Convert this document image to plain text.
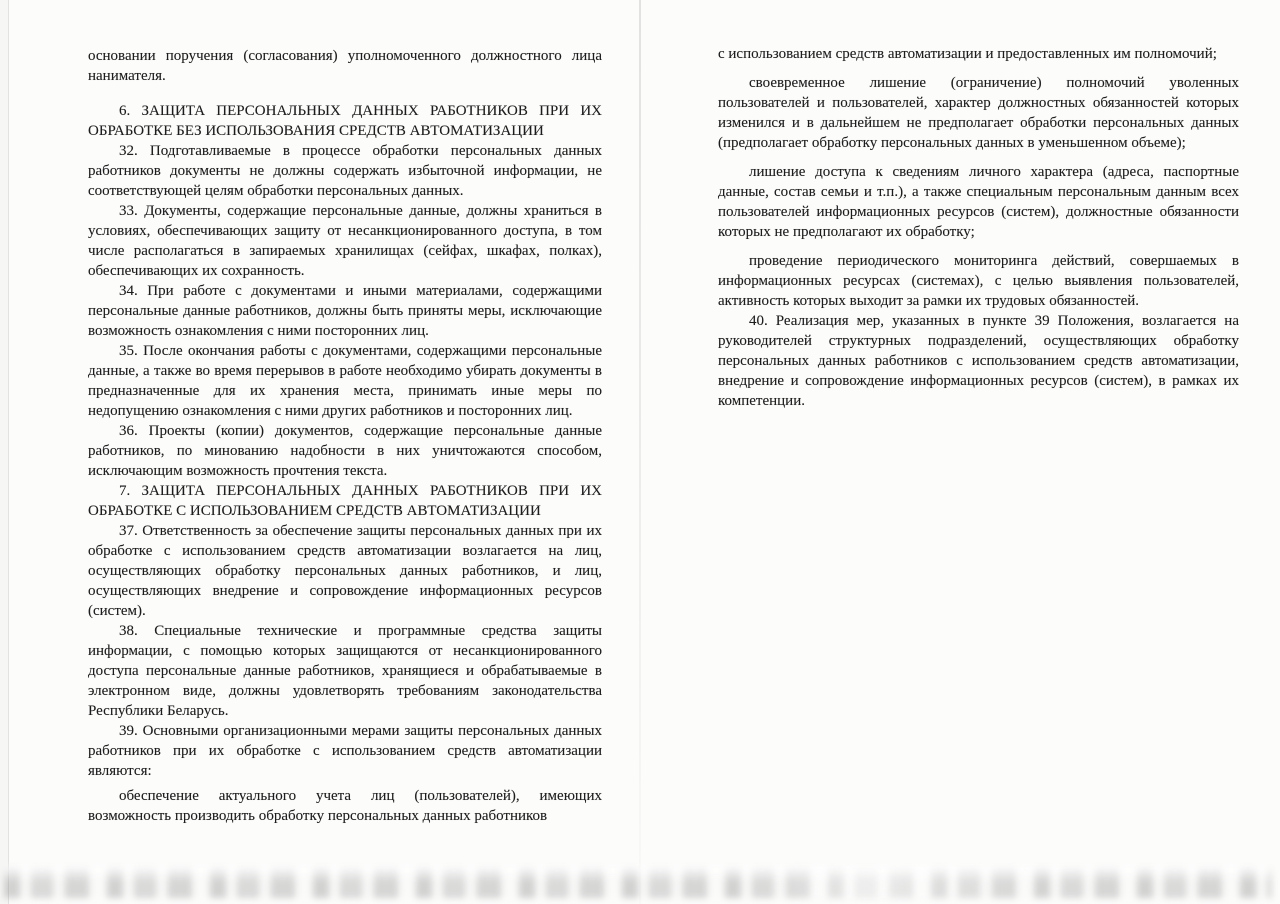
основании поручения (согласования) уполномоченного должностного лица нанимателя.

6. ЗАЩИТА ПЕРСОНАЛЬНЫХ ДАННЫХ РАБОТНИКОВ ПРИ ИХ ОБРАБОТКЕ БЕЗ ИСПОЛЬЗОВАНИЯ СРЕДСТВ АВТОМАТИЗАЦИИ

32. Подготавливаемые в процессе обработки персональных данных работников документы не должны содержать избыточной информации, не соответствующей целям обработки персональных данных.

33. Документы, содержащие персональные данные, должны храниться в условиях, обеспечивающих защиту от несанкционированного доступа, в том числе располагаться в запираемых хранилищах (сейфах, шкафах, полках), обеспечивающих их сохранность.

34. При работе с документами и иными материалами, содержащими персональные данные работников, должны быть приняты меры, исключающие возможность ознакомления с ними посторонних лиц.

35. После окончания работы с документами, содержащими персональные данные, а также во время перерывов в работе необходимо убирать документы в предназначенные для их хранения места, принимать иные меры по недопущению ознакомления с ними других работников и посторонних лиц.

36. Проекты (копии) документов, содержащие персональные данные работников, по минованию надобности в них уничтожаются способом, исключающим возможность прочтения текста.

7. ЗАЩИТА ПЕРСОНАЛЬНЫХ ДАННЫХ РАБОТНИКОВ ПРИ ИХ ОБРАБОТКЕ С ИСПОЛЬЗОВАНИЕМ СРЕДСТВ АВТОМАТИЗАЦИИ

37. Ответственность за обеспечение защиты персональных данных при их обработке с использованием средств автоматизации возлагается на лиц, осуществляющих обработку персональных данных работников, и лиц, осуществляющих внедрение и сопровождение информационных ресурсов (систем).

38. Специальные технические и программные средства защиты информации, с помощью которых защищаются от несанкционированного доступа персональные данные работников, хранящиеся и обрабатываемые в электронном виде, должны удовлетворять требованиям законодательства Республики Беларусь.

39. Основными организационными мерами защиты персональных данных работников при их обработке с использованием средств автоматизации являются:

обеспечение актуального учета лиц (пользователей), имеющих возможность производить обработку персональных данных работников

с использованием средств автоматизации и предоставленных им полномочий;

своевременное лишение (ограничение) полномочий уволенных пользователей и пользователей, характер должностных обязанностей которых изменился и в дальнейшем не предполагает обработки персональных данных (предполагает обработку персональных данных в уменьшенном объеме);

лишение доступа к сведениям личного характера (адреса, паспортные данные, состав семьи и т.п.), а также специальным персональным данным всех пользователей информационных ресурсов (систем), должностные обязанности которых не предполагают их обработку;

проведение периодического мониторинга действий, совершаемых в информационных ресурсах (системах), с целью выявления пользователей, активность которых выходит за рамки их трудовых обязанностей.

40. Реализация мер, указанных в пункте 39 Положения, возлагается на руководителей структурных подразделений, осуществляющих обработку персональных данных работников с использованием средств автоматизации, внедрение и сопровождение информационных ресурсов (систем), в рамках их компетенции.
